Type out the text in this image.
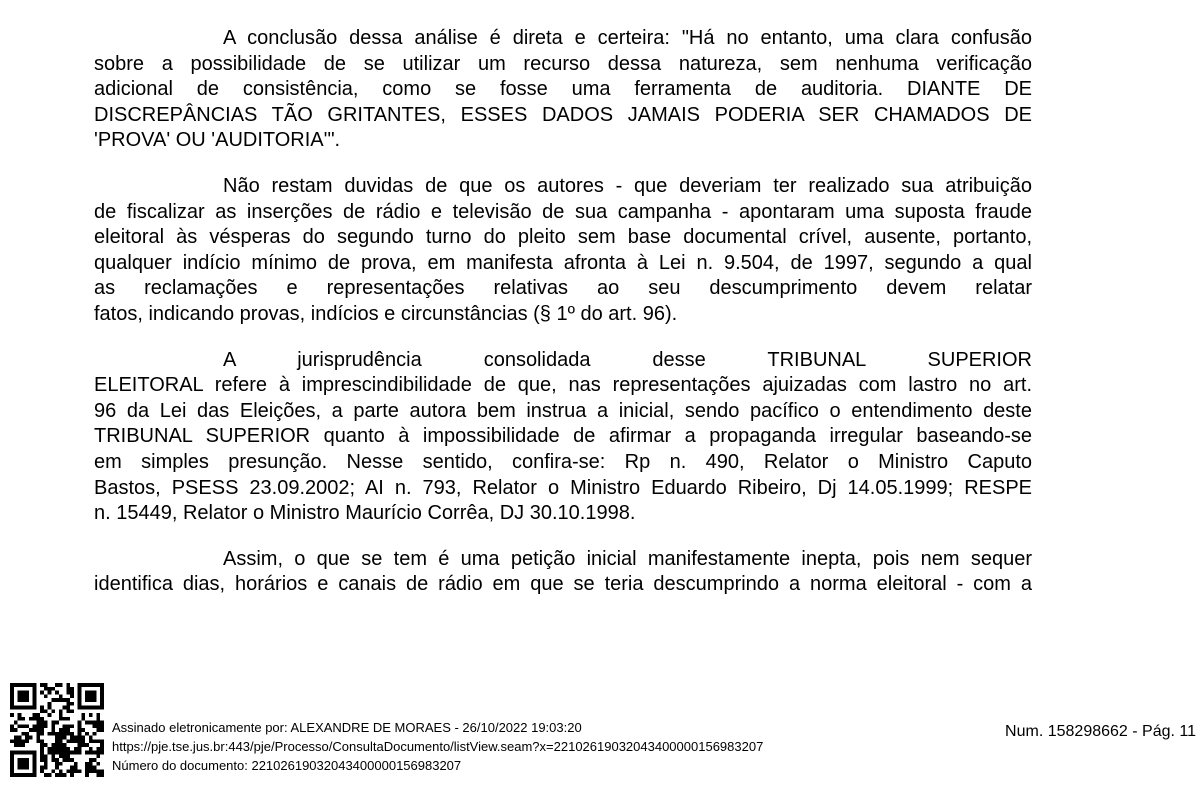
A conclusão dessa análise é direta e certeira: "Há no entanto, uma clara confusão
sobre a possibilidade de se utilizar um recurso dessa natureza, sem nenhuma verificação
adicional de consistência, como se fosse uma ferramenta de auditoria. DIANTE DE
DISCREPÂNCIAS TÃO GRITANTES, ESSES DADOS JAMAIS PODERIA SER CHAMADOS DE
'PROVA' OU 'AUDITORIA'".
Não restam duvidas de que os autores - que deveriam ter realizado sua atribuição
de fiscalizar as inserções de rádio e televisão de sua campanha - apontaram uma suposta fraude
eleitoral às vésperas do segundo turno do pleito sem base documental crível, ausente, portanto,
qualquer indício mínimo de prova, em manifesta afronta à Lei n. 9.504, de 1997, segundo a qual
as reclamações e representações relativas ao seu descumprimento devem relatar
fatos, indicando provas, indícios e circunstâncias (§ 1º do art. 96).
A jurisprudência consolidada desse TRIBUNAL SUPERIOR
ELEITORAL refere à imprescindibilidade de que, nas representações ajuizadas com lastro no art.
96 da Lei das Eleições, a parte autora bem instrua a inicial, sendo pacífico o entendimento deste
TRIBUNAL SUPERIOR quanto à impossibilidade de afirmar a propaganda irregular baseando-se
em simples presunção. Nesse sentido, confira-se: Rp n. 490, Relator o Ministro Caputo
Bastos, PSESS 23.09.2002; AI n. 793, Relator o Ministro Eduardo Ribeiro, Dj 14.05.1999; RESPE
n. 15449, Relator o Ministro Maurício Corrêa, DJ 30.10.1998.
Assim, o que se tem é uma petição inicial manifestamente inepta, pois nem sequer
identifica dias, horários e canais de rádio em que se teria descumprindo a norma eleitoral - com a
Assinado eletronicamente por: ALEXANDRE DE MORAES - 26/10/2022 19:03:20
https://pje.tse.jus.br:443/pje/Processo/ConsultaDocumento/listView.seam?x=22102619032043400000156983207
Número do documento: 22102619032043400000156983207
Num. 158298662 - Pág. 11
